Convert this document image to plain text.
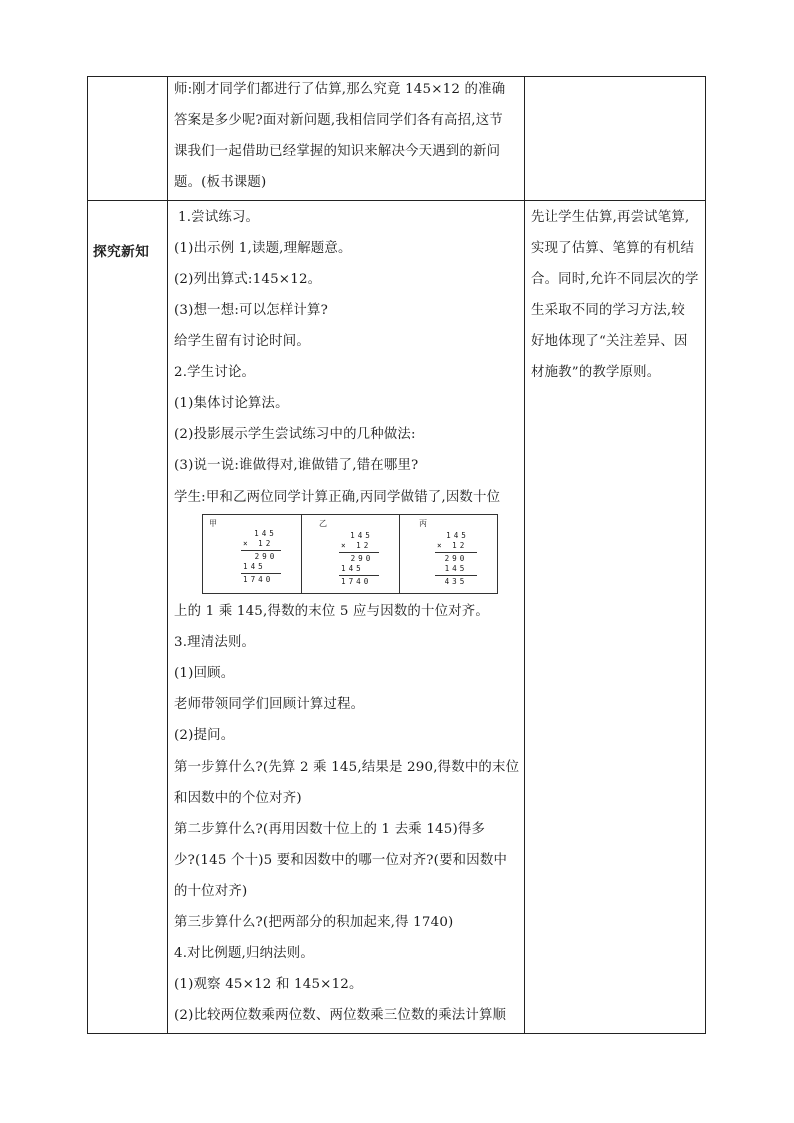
师:刚才同学们都进行了估算,那么究竟 145×12 的准确
答案是多少呢?面对新问题,我相信同学们各有高招,这节
课我们一起借助已经掌握的知识来解决今天遇到的新问
题。(板书课题)
探究新知
1.尝试练习。
(1)出示例 1,读题,理解题意。
(2)列出算式:145×12。
(3)想一想:可以怎样计算?
给学生留有讨论时间。
2.学生讨论。
(1)集体讨论算法。
(2)投影展示学生尝试练习中的几种做法:
(3)说一说:谁做得对,谁做错了,错在哪里?
学生:甲和乙两位同学计算正确,丙同学做错了,因数十位
甲
145
× 12
290
145
1740
乙
145
× 12
290
145
1740
丙
145
× 12
290
145
435
上的 1 乘 145,得数的末位 5 应与因数的十位对齐。
3.理清法则。
(1)回顾。
老师带领同学们回顾计算过程。
(2)提问。
第一步算什么?(先算 2 乘 145,结果是 290,得数中的末位
和因数中的个位对齐)
第二步算什么?(再用因数十位上的 1 去乘 145)得多
少?(145 个十)5 要和因数中的哪一位对齐?(要和因数中
的十位对齐)
第三步算什么?(把两部分的积加起来,得 1740)
4.对比例题,归纳法则。
(1)观察 45×12 和 145×12。
(2)比较两位数乘两位数、两位数乘三位数的乘法计算顺
先让学生估算,再尝试笔算,
实现了估算、笔算的有机结
合。同时,允许不同层次的学
生采取不同的学习方法,较
好地体现了“关注差异、因
材施教”的教学原则。
